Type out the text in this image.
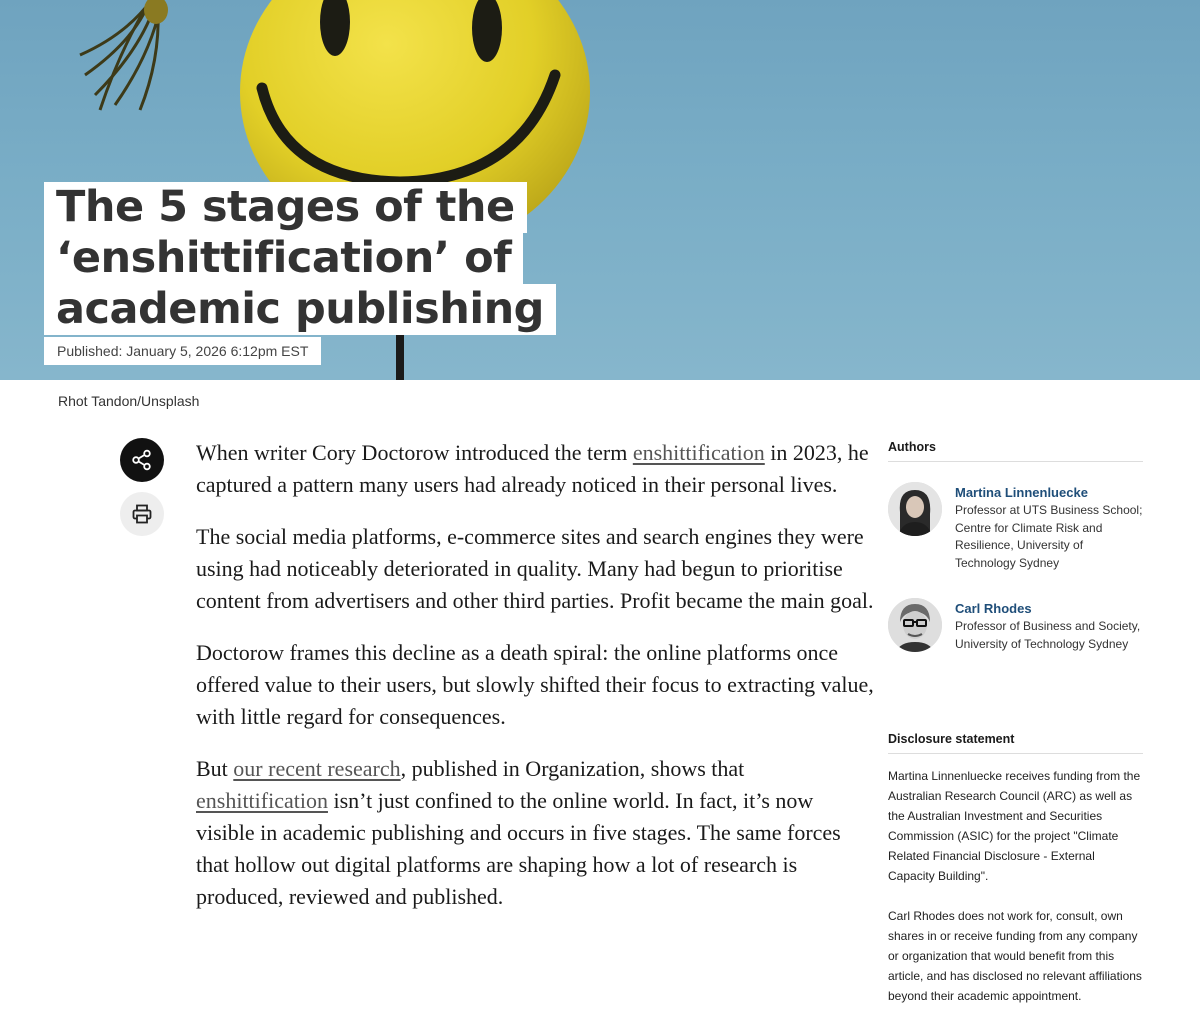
The 5 stages of the
‘enshittification’ of
academic publishing
Published: January 5, 2026 6:12pm EST
Rhot Tandon/Unsplash

When writer Cory Doctorow introduced the term enshittification in 2023, he captured a pattern many users had already noticed in their personal lives.

The social media platforms, e-commerce sites and search engines they were using had noticeably deteriorated in quality. Many had begun to prioritise content from advertisers and other third parties. Profit became the main goal.

Doctorow frames this decline as a death spiral: the online platforms once offered value to their users, but slowly shifted their focus to extracting value, with little regard for consequences.

But our recent research, published in Organization, shows that enshittification isn’t just confined to the online world. In fact, it’s now visible in academic publishing and occurs in five stages. The same forces that hollow out digital platforms are shaping how a lot of research is produced, reviewed and published.

Authors
Martina Linnenluecke
Professor at UTS Business School; Centre for Climate Risk and Resilience, University of Technology Sydney
Carl Rhodes
Professor of Business and Society, University of Technology Sydney
Disclosure statement

Martina Linnenluecke receives funding from the Australian Research Council (ARC) as well as the Australian Investment and Securities Commission (ASIC) for the project "Climate Related Financial Disclosure - External Capacity Building".

Carl Rhodes does not work for, consult, own shares in or receive funding from any company or organization that would benefit from this article, and has disclosed no relevant affiliations beyond their academic appointment.
